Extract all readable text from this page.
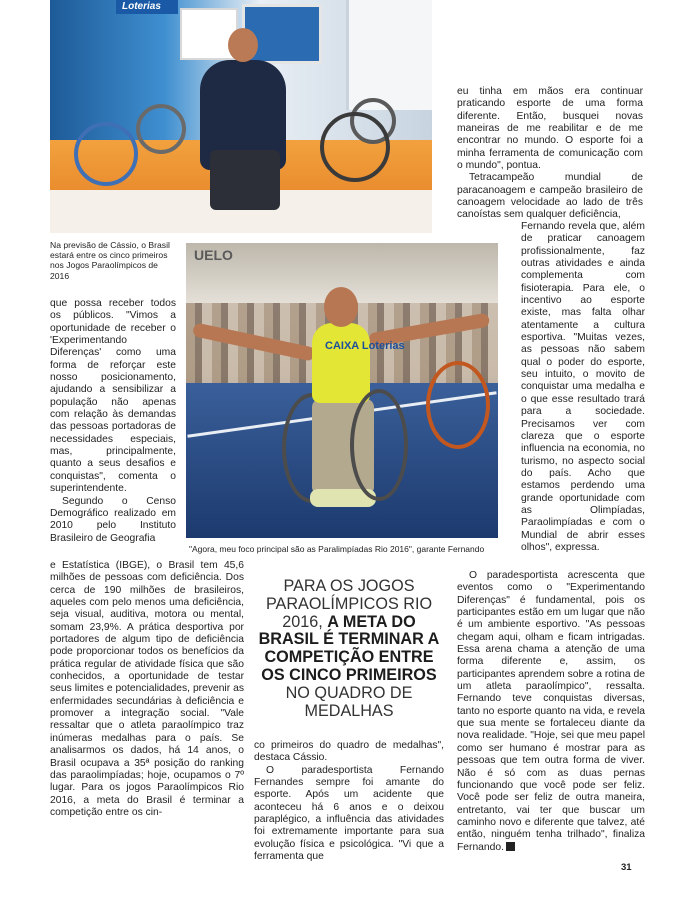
Loterias
Na previsão de Cássio, o Brasil estará entre os cinco primeiros nos Jogos Paraolímpicos de 2016
UELO
CAIXA Loterias
"Agora, meu foco principal são as Paralimpíadas Rio 2016", garante Fernando

eu tinha em mãos era continuar praticando esporte de uma forma diferente. Então, busquei novas maneiras de me reabilitar e de me encontrar no mundo. O esporte foi a minha ferramenta de comunicação com o mundo", pontua.

Tetracampeão mundial de paracanoagem e campeão brasileiro de canoagem velocidade ao lado de três canoístas sem qualquer deficiência,

Fernando revela que, além de praticar canoagem profissionalmente, faz outras atividades e ainda complementa com fisioterapia. Para ele, o incentivo ao esporte existe, mas falta olhar atentamente a cultura esportiva. "Muitas vezes, as pessoas não sabem qual o poder do esporte, seu intuito, o movito de conquistar uma medalha e o que esse resultado trará para a sociedade. Precisamos ver com clareza que o esporte influencia na economia, no turismo, no aspecto social do país. Acho que estamos perdendo uma grande oportunidade com as Olimpíadas, Paraolimpíadas e com o Mundial de abrir esses olhos", expressa.

O paradesportista acrescenta que eventos como o "Experimentando Diferenças" é fundamental, pois os participantes estão em um lugar que não é um ambiente esportivo. "As pessoas chegam aqui, olham e ficam intrigadas. Essa arena chama a atenção de uma forma diferente e, assim, os participantes aprendem sobre a rotina de um atleta paraolímpico", ressalta. Fernando teve conquistas diversas, tanto no esporte quanto na vida, e revela que sua mente se fortaleceu diante da nova realidade. "Hoje, sei que meu papel como ser humano é mostrar para as pessoas que tem outra forma de viver. Não é só com as duas pernas funcionando que você pode ser feliz. Você pode ser feliz de outra maneira, entretanto, vai ter que buscar um caminho novo e diferente que talvez, até então, ninguém tenha trilhado", finaliza Fernando.

que possa receber todos os públicos. "Vimos a oportunidade de receber o 'Experimentando Diferenças' como uma forma de reforçar este nosso posicionamento, ajudando a sensibilizar a população não apenas com relação às demandas das pessoas portadoras de necessidades especiais, mas, principalmente, quanto a seus desafios e conquistas", comenta o superintendente.

Segundo o Censo Demográfico realizado em 2010 pelo Instituto Brasileiro de Geografia

e Estatística (IBGE), o Brasil tem 45,6 milhões de pessoas com deficiência. Dos cerca de 190 milhões de brasileiros, aqueles com pelo menos uma deficiência, seja visual, auditiva, motora ou mental, somam 23,9%. A prática desportiva por portadores de algum tipo de deficiência pode proporcionar todos os benefícios da prática regular de atividade física que são conhecidos, a oportunidade de testar seus limites e potencialidades, prevenir as enfermidades secundárias à deficiência e promover a integração social. "Vale ressaltar que o atleta paraolímpico traz inúmeras medalhas para o país. Se analisarmos os dados, há 14 anos, o Brasil ocupava a 35ª posição do ranking das paraolimpíadas; hoje, ocupamos o 7º lugar. Para os jogos Paraolímpicos Rio 2016, a meta do Brasil é terminar a competição entre os cin-

co primeiros do quadro de medalhas", destaca Cássio.

O paradesportista Fernando Fernandes sempre foi amante do esporte. Após um acidente que aconteceu há 6 anos e o deixou paraplégico, a influência das atividades foi extremamente importante para sua evolução física e psicológica. "Vi que a ferramenta que

PARA OS JOGOS PARAOLÍMPICOS RIO 2016, A META DO BRASIL É TERMINAR A COMPETIÇÃO ENTRE OS CINCO PRIMEIROS NO QUADRO DE MEDALHAS
31
